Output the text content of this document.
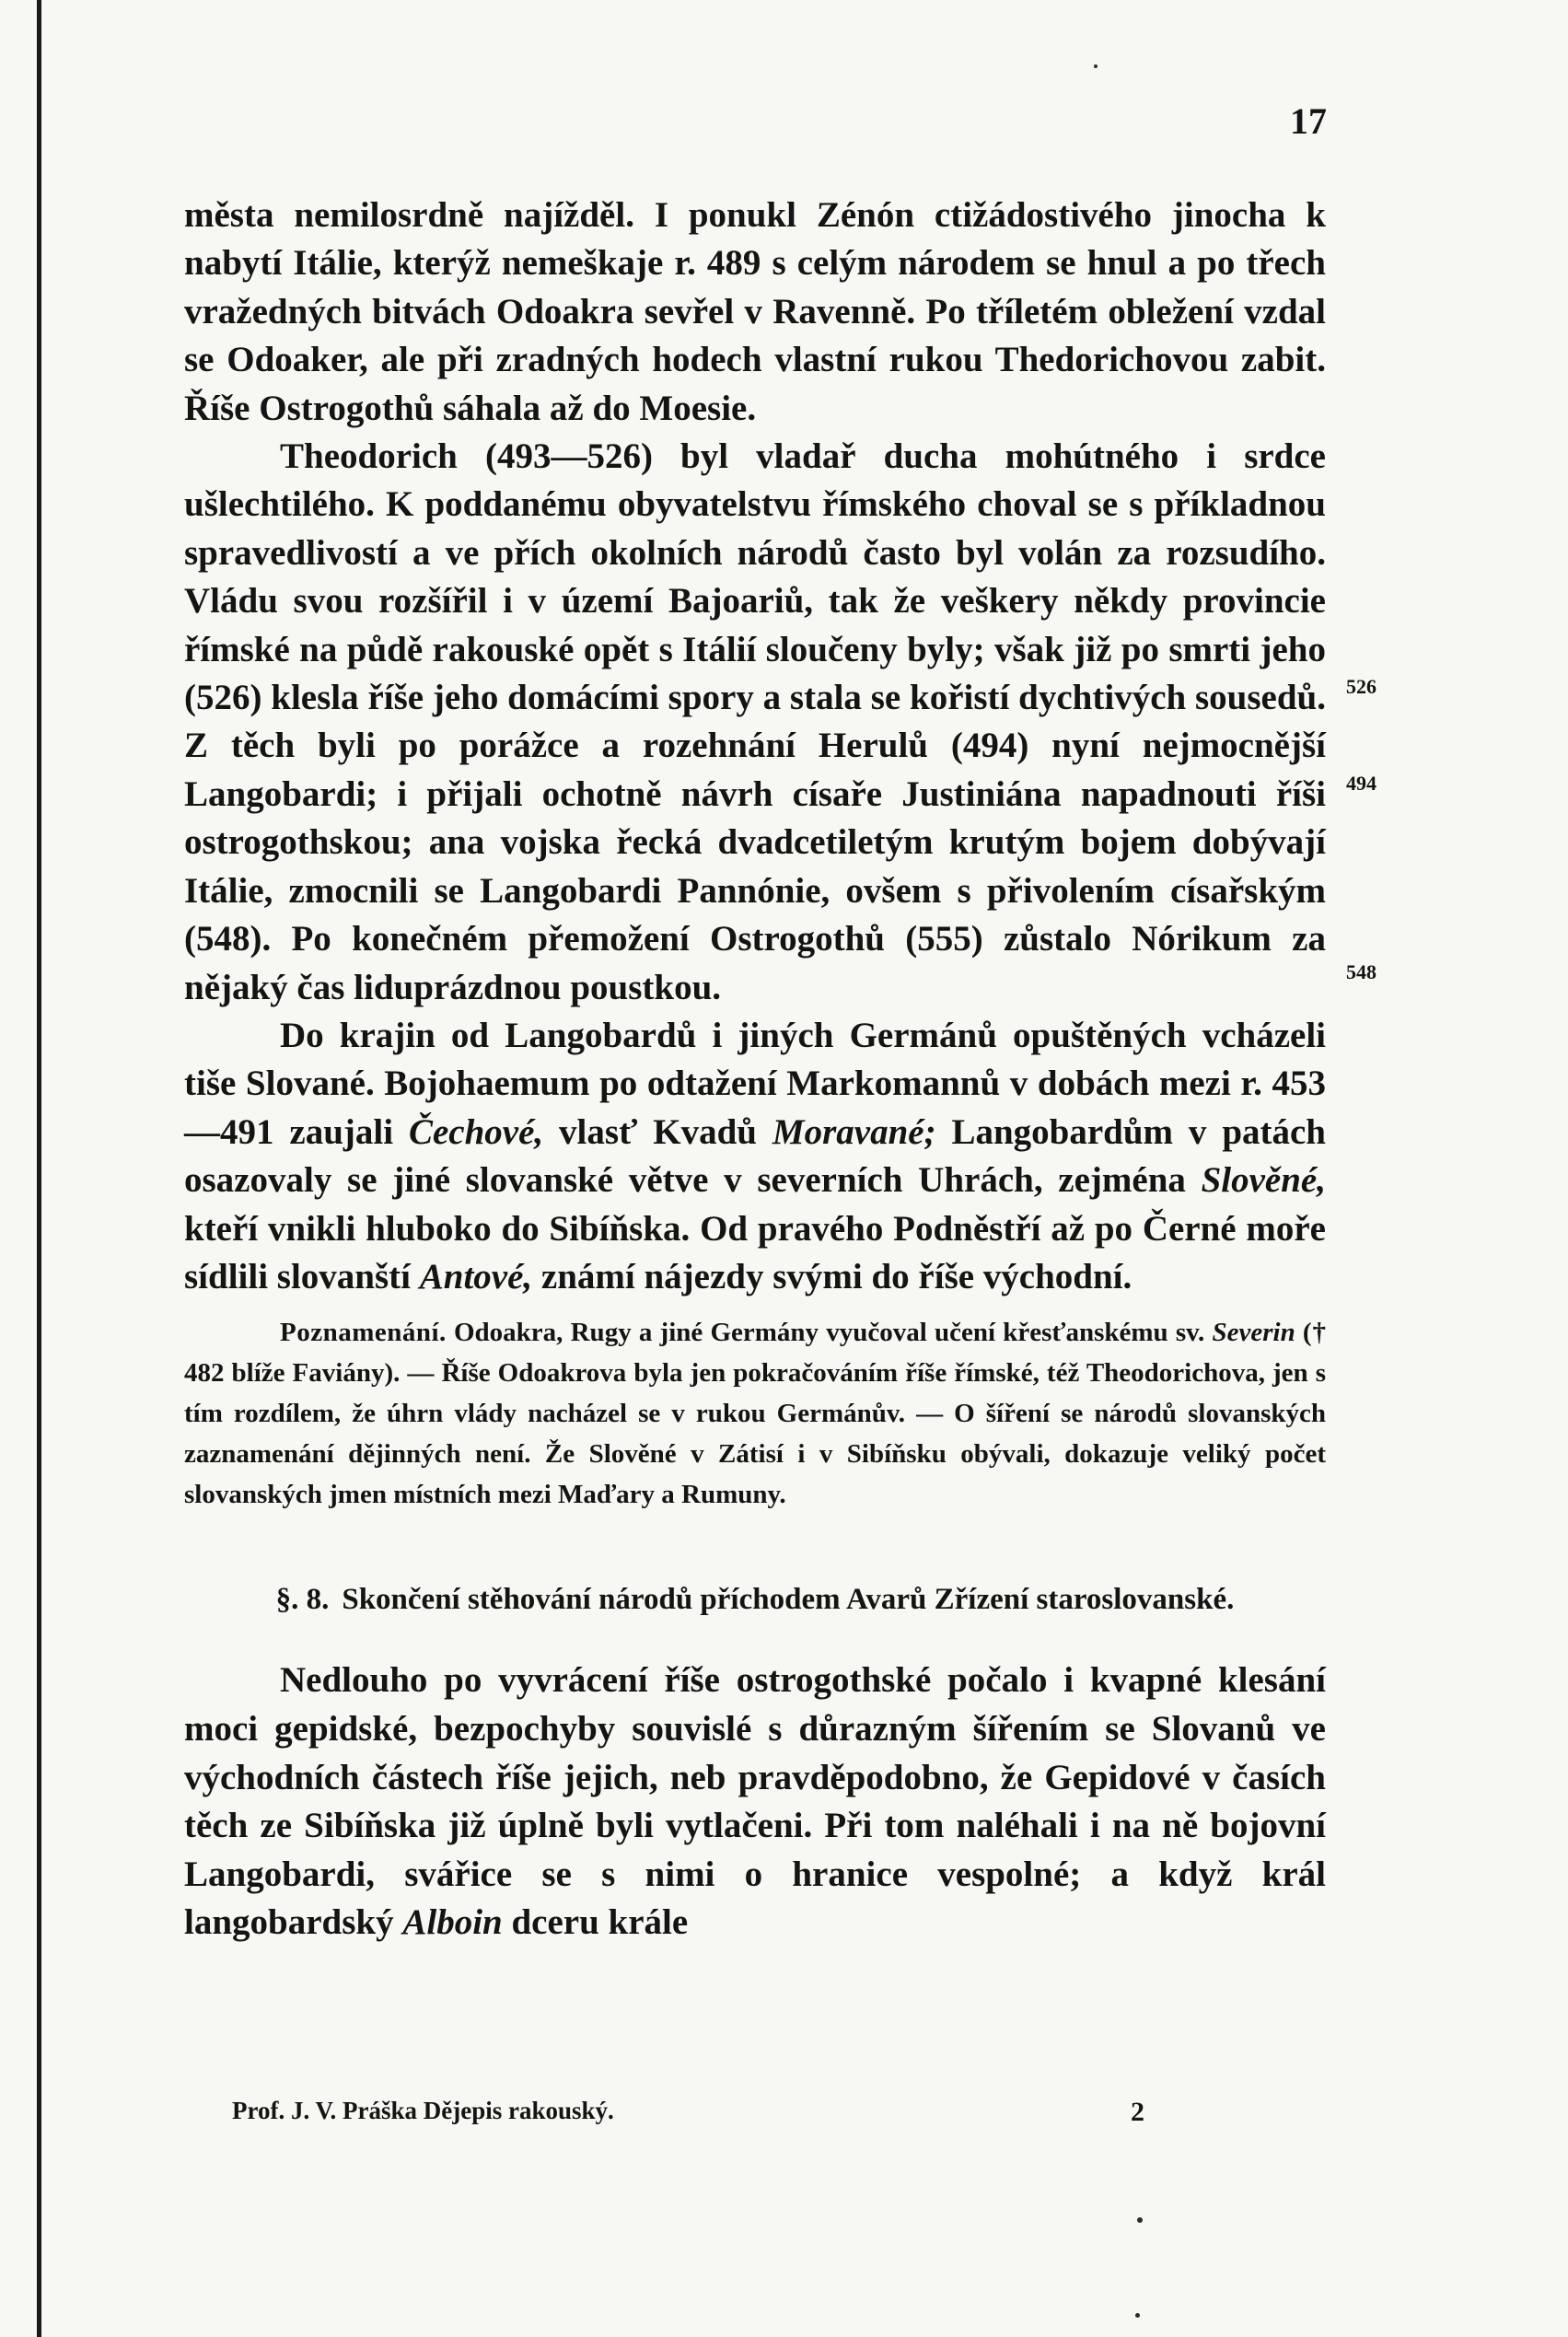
17

města nemilosrdně najížděl. I ponukl Zénón ctižádostivého jinocha k nabytí Itálie, kterýž nemeškaje r. 489 s celým národem se hnul a po třech vražedných bitvách Odoakra sevřel v Ravenně. Po tříletém obležení vzdal se Odoaker, ale při zradných hodech vlastní rukou Thedorichovou zabit. Říše Ostrogothů sáhala až do Moesie.

Theodorich (493—526) byl vladař ducha mohútného i srdce ušlechtilého. K poddanému obyvatelstvu římského choval se s příkladnou spravedlivostí a ve přích okolních národů často byl volán za rozsudího. Vládu svou rozšířil i v území Bajoariů, tak že veškery někdy provincie římské na půdě rakouské opět s Itálií sloučeny byly; však již po smrti jeho (526) klesla říše jeho domácími spory a stala se kořistí dychtivých sousedů. Z těch byli po porážce a rozehnání Herulů (494) nyní nejmocnější Langobardi; i přijali ochotně návrh císaře Justiniána napadnouti říši ostrogothskou; ana vojska řecká dvadcetiletým krutým bojem dobývají Itálie, zmocnili se Langobardi Pannónie, ovšem s přivolením císařským (548). Po konečném přemožení Ostrogothů (555) zůstalo Nórikum za nějaký čas liduprázdnou poustkou.

Do krajin od Langobardů i jiných Germánů opuštěných vcházeli tiše Slované. Bojohaemum po odtažení Markomannů v dobách mezi r. 453—491 zaujali Čechové, vlasť Kvadů Moravané; Langobardům v patách osazovaly se jiné slovanské větve v severních Uhrách, zejména Slověné, kteří vnikli hluboko do Sibíňska. Od pravého Podněstří až po Černé moře sídlili slovanští Antové, známí nájezdy svými do říše východní.

Poznamenání. Odoakra, Rugy a jiné Germány vyučoval učení křesťanskému sv. Severin († 482 blíže Faviány). — Říše Odoakrova byla jen pokračováním říše římské, též Theodorichova, jen s tím rozdílem, že úhrn vlády nacházel se v rukou Germánův. — O šíření se národů slovanských zaznamenání dějinných není. Že Slověné v Zátisí i v Sibíňsku obývali, dokazuje veliký počet slovanských jmen místních mezi Maďary a Rumuny.

§. 8. Skončení stěhování národů příchodem Avarů Zřízení staroslovanské.

Nedlouho po vyvrácení říše ostrogothské počalo i kvapné klesání moci gepidské, bezpochyby souvislé s důrazným šířením se Slovanů ve východních částech říše jejich, neb pravděpodobno, že Gepidové v časích těch ze Sibíňska již úplně byli vytlačeni. Při tom naléhali i na ně bojovní Langobardi, svářice se s nimi o hranice vespolné; a když král langobardský Alboin dceru krále

526
494
548
Prof. J. V. Práška Dějepis rakouský.	2
